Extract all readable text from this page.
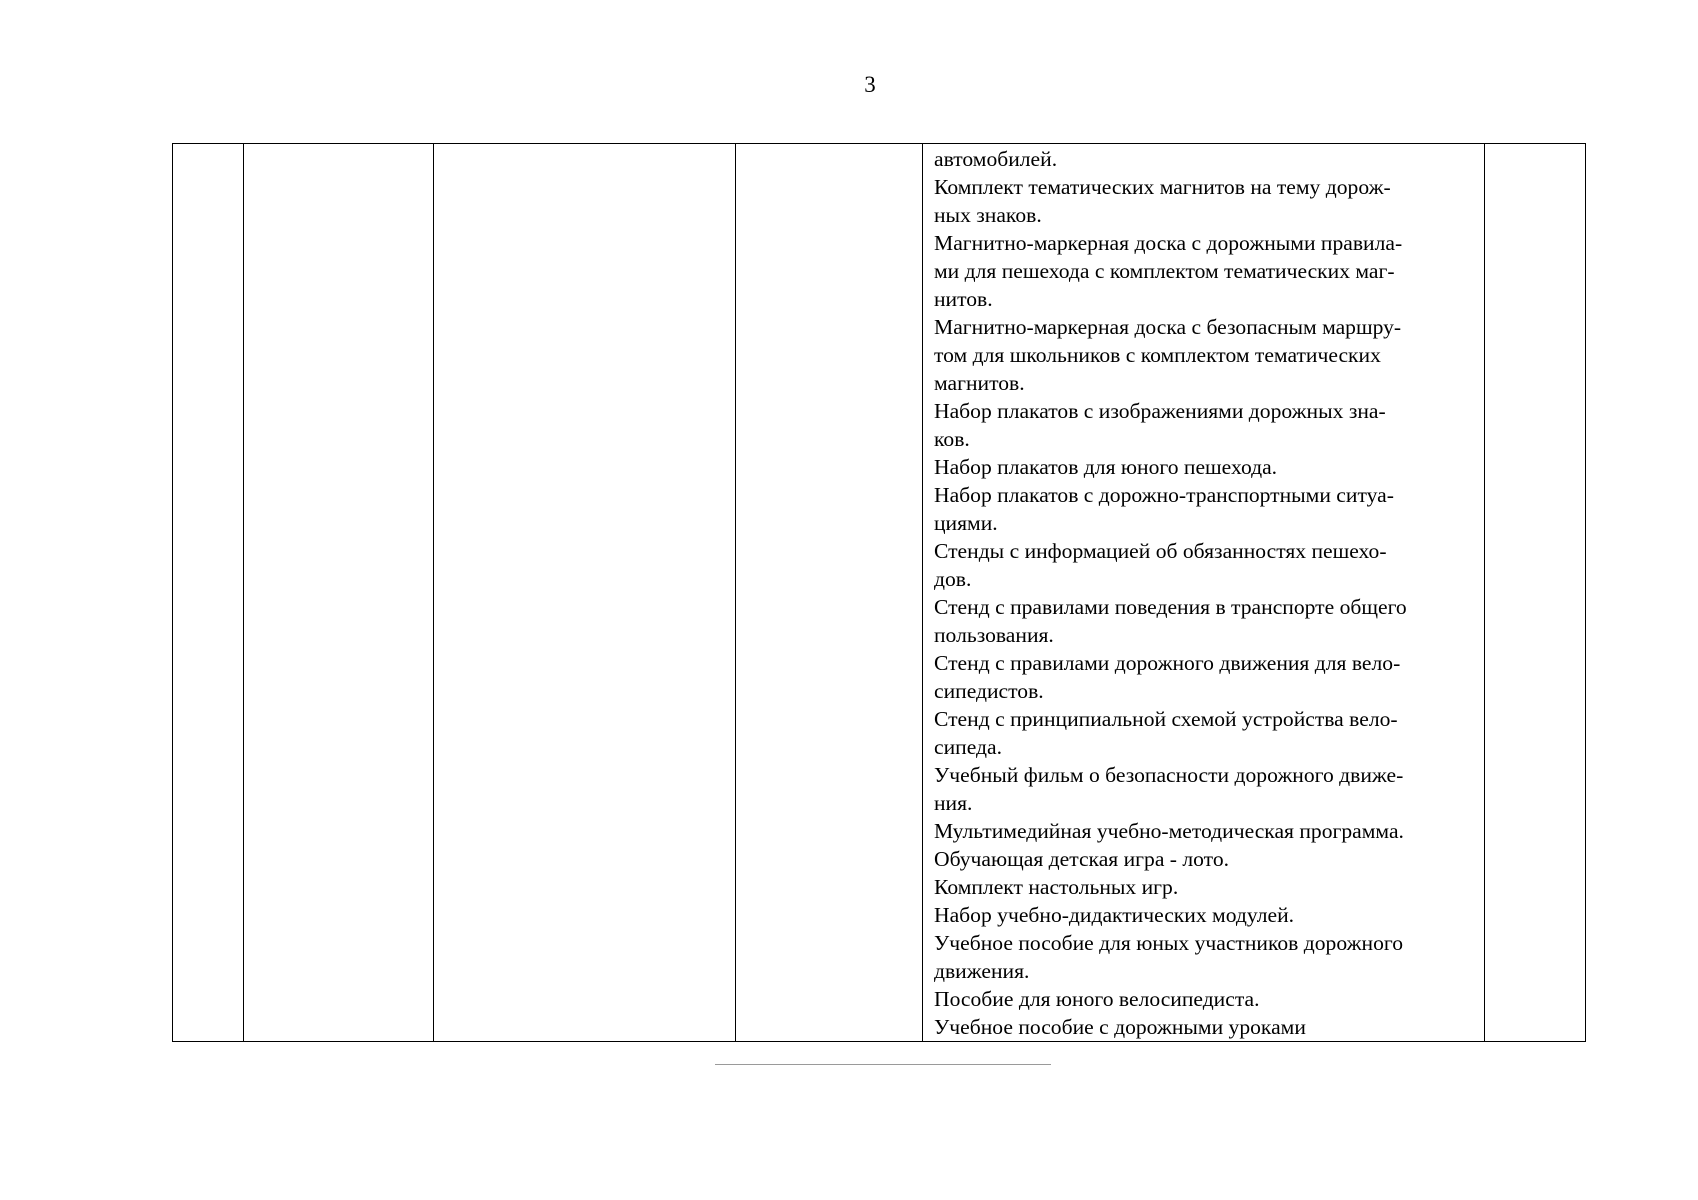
3

автомобилей.
Комплект тематических магнитов на тему дорож-
ных знаков.
Магнитно-маркерная доска с дорожными правила-
ми для пешехода с комплектом тематических маг-
нитов.
Магнитно-маркерная доска с безопасным маршру-
том для школьников с комплектом тематических
магнитов.
Набор плакатов с изображениями дорожных зна-
ков.
Набор плакатов для юного пешехода.
Набор плакатов с дорожно-транспортными ситуа-
циями.
Стенды с информацией об обязанностях пешехо-
дов.
Стенд с правилами поведения в транспорте общего
пользования.
Стенд с правилами дорожного движения для вело-
сипедистов.
Стенд с принципиальной схемой устройства вело-
сипеда.
Учебный фильм о безопасности дорожного движе-
ния.
Мультимедийная учебно-методическая программа.
Обучающая детская игра - лото.
Комплект настольных игр.
Набор учебно-дидактических модулей.
Учебное пособие для юных участников дорожного
движения.
Пособие для юного велосипедиста.
Учебное пособие с дорожными уроками
